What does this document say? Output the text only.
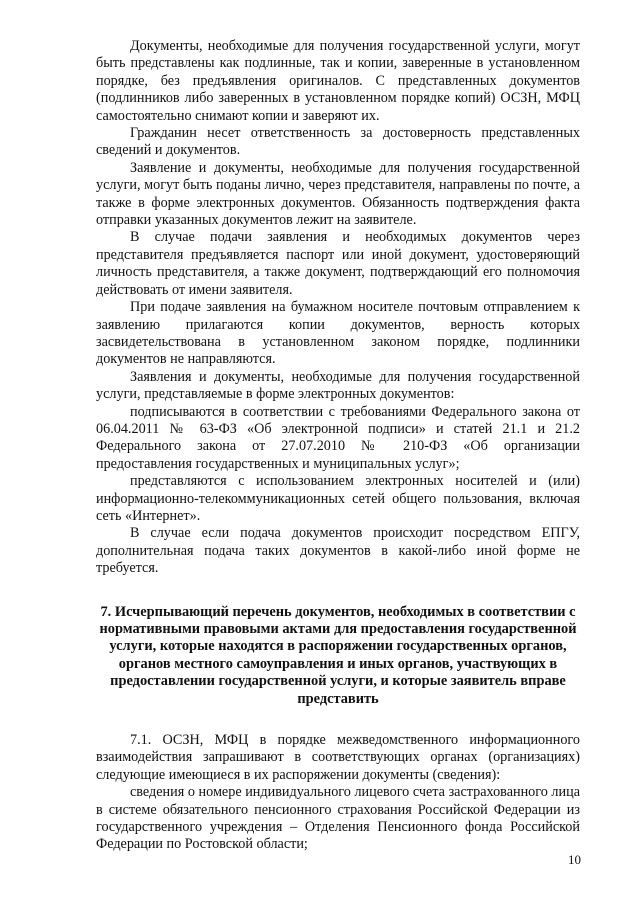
Документы, необходимые для получения государственной услуги, могут быть представлены как подлинные, так и копии, заверенные в установленном порядке, без предъявления оригиналов. С представленных документов (подлинников либо заверенных в установленном порядке копий) ОСЗН, МФЦ самостоятельно снимают копии и заверяют их.

Гражданин несет ответственность за достоверность представленных сведений и документов.

Заявление и документы, необходимые для получения государственной услуги, могут быть поданы лично, через представителя, направлены по почте, а также в форме электронных документов. Обязанность подтверждения факта отправки указанных документов лежит на заявителе.

В случае подачи заявления и необходимых документов через представителя предъявляется паспорт или иной документ, удостоверяющий личность представителя, а также документ, подтверждающий его полномочия действовать от имени заявителя.

При подаче заявления на бумажном носителе почтовым отправлением к заявлению прилагаются копии документов, верность которых засвидетельствована в установленном законом порядке, подлинники документов не направляются.

Заявления и документы, необходимые для получения государственной услуги, представляемые в форме электронных документов:

подписываются в соответствии с требованиями Федерального закона от 06.04.2011 № 63-ФЗ «Об электронной подписи» и статей 21.1 и 21.2 Федерального закона от 27.07.2010 № 210-ФЗ «Об организации предоставления государственных и муниципальных услуг»;

представляются с использованием электронных носителей и (или) информационно-телекоммуникационных сетей общего пользования, включая сеть «Интернет».

В случае если подача документов происходит посредством ЕПГУ, дополнительная подача таких документов в какой-либо иной форме не требуется.

7. Исчерпывающий перечень документов, необходимых в соответствии с нормативными правовыми актами для предоставления государственной услуги, которые находятся в распоряжении государственных органов, органов местного самоуправления и иных органов, участвующих в предоставлении государственной услуги, и которые заявитель вправе представить

7.1. ОСЗН, МФЦ в порядке межведомственного информационного взаимодействия запрашивают в соответствующих органах (организациях) следующие имеющиеся в их распоряжении документы (сведения):

сведения о номере индивидуального лицевого счета застрахованного лица в системе обязательного пенсионного страхования Российской Федерации из государственного учреждения – Отделения Пенсионного фонда Российской Федерации по Ростовской области;

10
